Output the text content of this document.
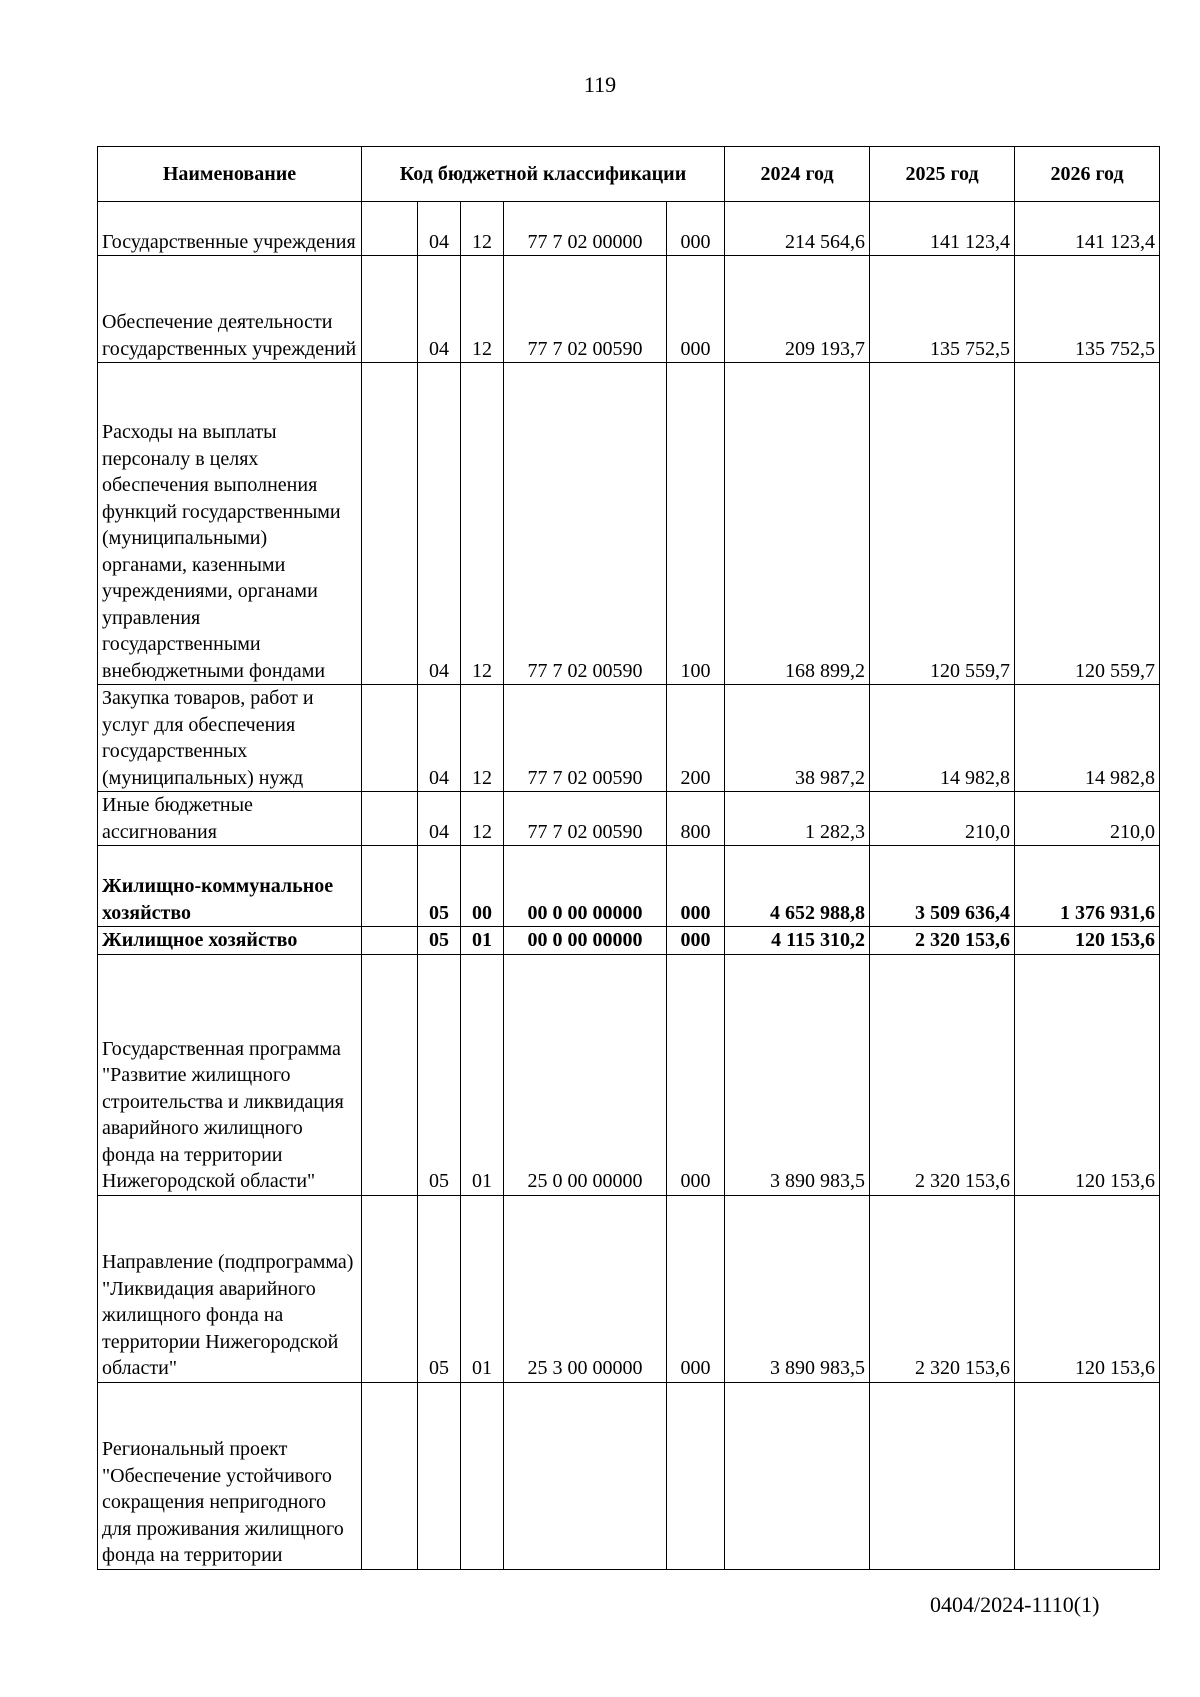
119
Наименование	Код бюджетной классификации					2024 год	2025 год	2026 год
Государственные учреждения		04	12	77 7 02 00000	000	214 564,6	141 123,4	141 123,4
Обеспечение деятельности государственных учреждений		04	12	77 7 02 00590	000	209 193,7	135 752,5	135 752,5
Расходы на выплаты персоналу в целях обеспечения выполнения функций государственными (муниципальными) органами, казенными учреждениями, органами управления государственными внебюджетными фондами		04	12	77 7 02 00590	100	168 899,2	120 559,7	120 559,7
Закупка товаров, работ и услуг для обеспечения государственных (муниципальных) нужд		04	12	77 7 02 00590	200	38 987,2	14 982,8	14 982,8
Иные бюджетные ассигнования		04	12	77 7 02 00590	800	1 282,3	210,0	210,0
Жилищно-коммунальное хозяйство		05	00	00 0 00 00000	000	4 652 988,8	3 509 636,4	1 376 931,6
Жилищное хозяйство		05	01	00 0 00 00000	000	4 115 310,2	2 320 153,6	120 153,6
Государственная программа "Развитие жилищного строительства и ликвидация аварийного жилищного фонда на территории Нижегородской области"		05	01	25 0 00 00000	000	3 890 983,5	2 320 153,6	120 153,6
Направление (подпрограмма) "Ликвидация аварийного жилищного фонда на территории Нижегородской области"		05	01	25 3 00 00000	000	3 890 983,5	2 320 153,6	120 153,6
Региональный проект "Обеспечение устойчивого сокращения непригодного для проживания жилищного фонда на территории								
0404/2024-1110(1)
